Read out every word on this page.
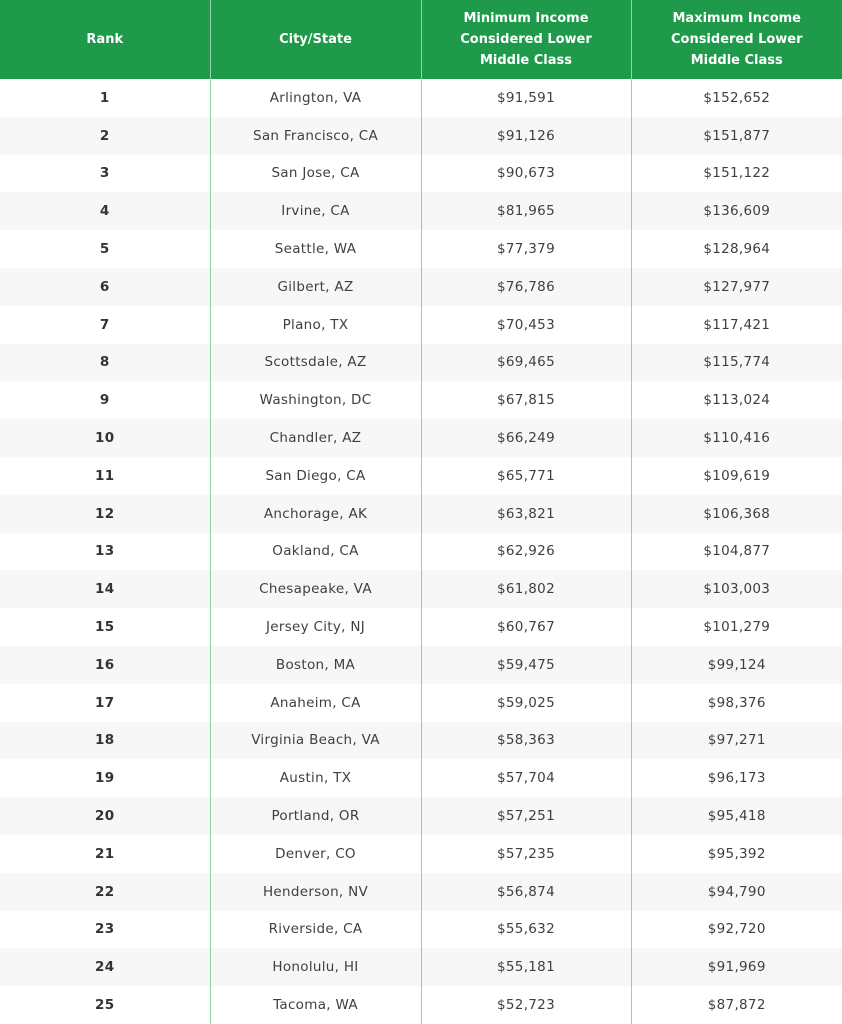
Rank	City/State	Minimum Income Considered Lower Middle Class	Maximum Income Considered Lower Middle Class

1	Arlington, VA	$91,591	$152,652
2	San Francisco, CA	$91,126	$151,877
3	San Jose, CA	$90,673	$151,122
4	Irvine, CA	$81,965	$136,609
5	Seattle, WA	$77,379	$128,964
6	Gilbert, AZ	$76,786	$127,977
7	Plano, TX	$70,453	$117,421
8	Scottsdale, AZ	$69,465	$115,774
9	Washington, DC	$67,815	$113,024
10	Chandler, AZ	$66,249	$110,416
11	San Diego, CA	$65,771	$109,619
12	Anchorage, AK	$63,821	$106,368
13	Oakland, CA	$62,926	$104,877
14	Chesapeake, VA	$61,802	$103,003
15	Jersey City, NJ	$60,767	$101,279
16	Boston, MA	$59,475	$99,124
17	Anaheim, CA	$59,025	$98,376
18	Virginia Beach, VA	$58,363	$97,271
19	Austin, TX	$57,704	$96,173
20	Portland, OR	$57,251	$95,418
21	Denver, CO	$57,235	$95,392
22	Henderson, NV	$56,874	$94,790
23	Riverside, CA	$55,632	$92,720
24	Honolulu, HI	$55,181	$91,969
25	Tacoma, WA	$52,723	$87,872
